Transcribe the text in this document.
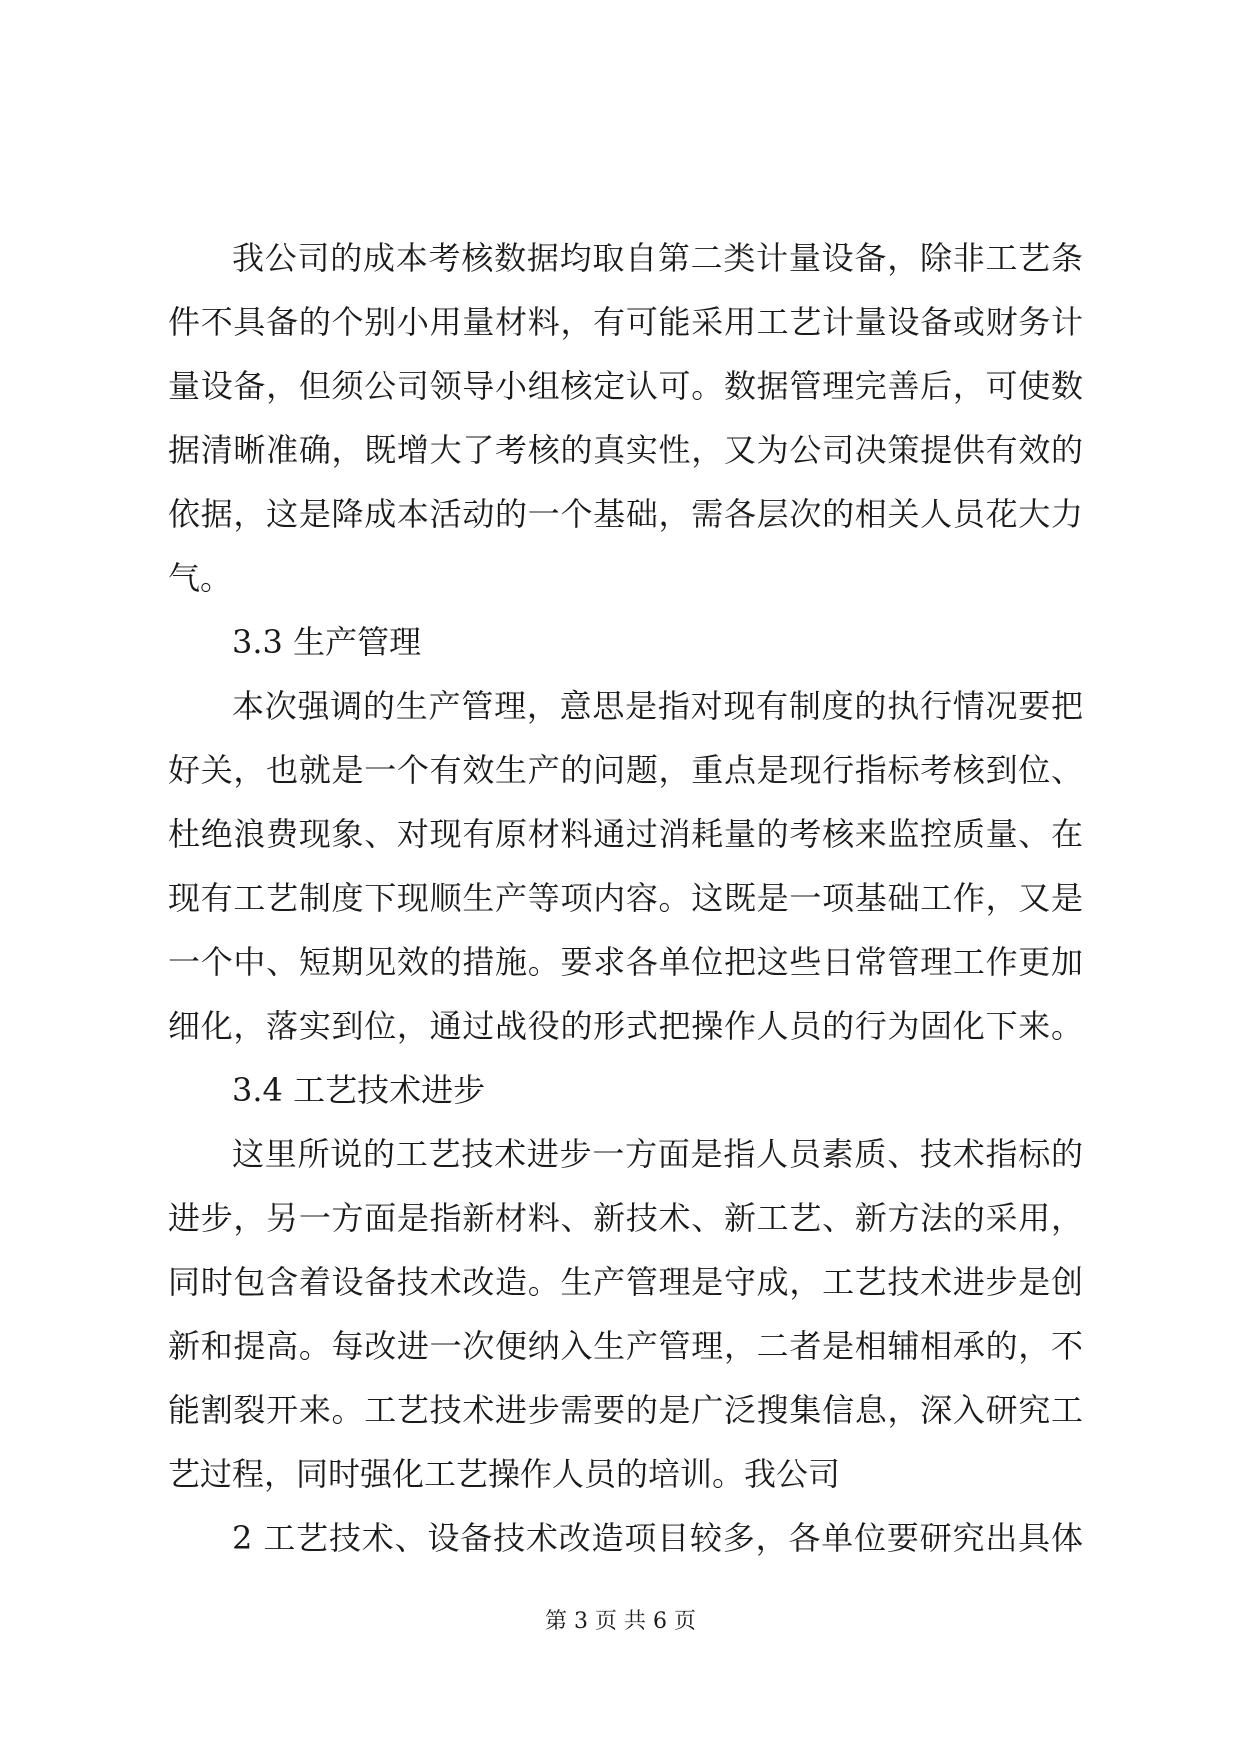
我公司的成本考核数据均取自第二类计量设备，除非工艺条
件不具备的个别小用量材料，有可能采用工艺计量设备或财务计
量设备，但须公司领导小组核定认可。数据管理完善后，可使数
据清晰准确，既增大了考核的真实性，又为公司决策提供有效的
依据，这是降成本活动的一个基础，需各层次的相关人员花大力
气。
3.3 生产管理
本次强调的生产管理，意思是指对现有制度的执行情况要把
好关，也就是一个有效生产的问题，重点是现行指标考核到位、
杜绝浪费现象、对现有原材料通过消耗量的考核来监控质量、在
现有工艺制度下现顺生产等项内容。这既是一项基础工作，又是
一个中、短期见效的措施。要求各单位把这些日常管理工作更加
细化，落实到位，通过战役的形式把操作人员的行为固化下来。
3.4 工艺技术进步
这里所说的工艺技术进步一方面是指人员素质、技术指标的
进步，另一方面是指新材料、新技术、新工艺、新方法的采用，
同时包含着设备技术改造。生产管理是守成，工艺技术进步是创
新和提高。每改进一次便纳入生产管理，二者是相辅相承的，不
能割裂开来。工艺技术进步需要的是广泛搜集信息，深入研究工
艺过程，同时强化工艺操作人员的培训。我公司
2 工艺技术、设备技术改造项目较多，各单位要研究出具体
第 3 页 共 6 页
